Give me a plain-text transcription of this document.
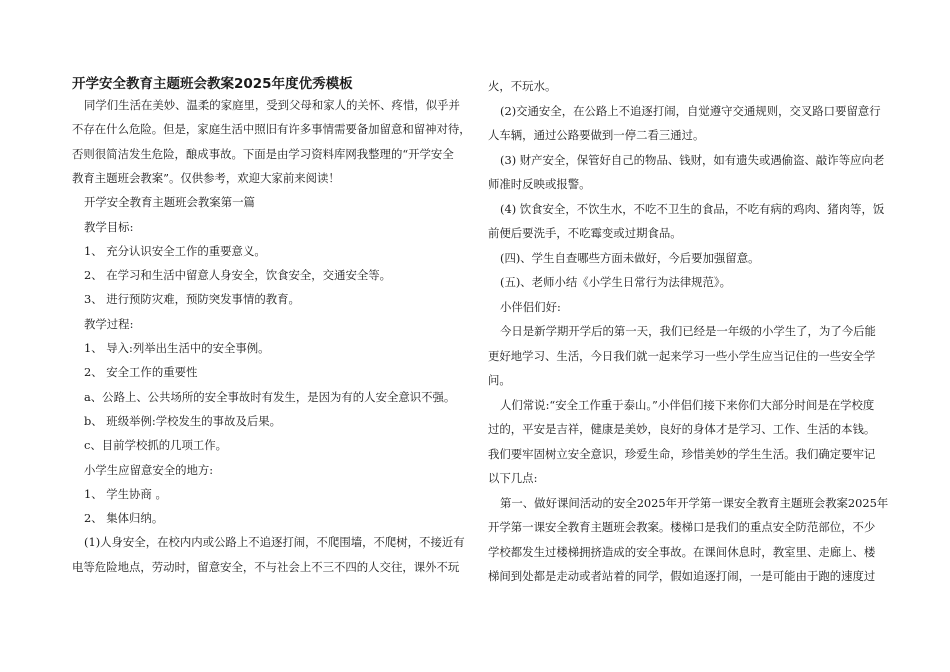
开学安全教育主题班会教案2025年度优秀模板
同学们生活在美妙、温柔的家庭里，受到父母和家人的关怀、疼惜，似乎并
不存在什么危险。但是，家庭生活中照旧有许多事情需要备加留意和留神对待，
否则很简洁发生危险，酿成事故。下面是由学习资料库网我整理的“开学安全
教育主题班会教案”。仅供参考，欢迎大家前来阅读！
开学安全教育主题班会教案第一篇
教学目标:
1、 充分认识安全工作的重要意义。
2、 在学习和生活中留意人身安全，饮食安全，交通安全等。
3、 进行预防灾难，预防突发事情的教育。
教学过程:
1、 导入:列举出生活中的安全事例。
2、 安全工作的重要性
a、公路上、公共场所的安全事故时有发生，是因为有的人安全意识不强。
b、 班级举例:学校发生的事故及后果。
c、目前学校抓的几项工作。
小学生应留意安全的地方:
1、 学生协商 。
2、 集体归纳。
(1)人身安全，在校内内或公路上不追逐打闹，不爬围墙，不爬树，不接近有
电等危险地点，劳动时，留意安全，不与社会上不三不四的人交往，课外不玩
火，不玩水。
(2)交通安全，在公路上不追逐打闹，自觉遵守交通规则，交叉路口要留意行
人车辆，通过公路要做到一停二看三通过。
(3) 财产安全，保管好自己的物品、钱财，如有遗失或遇偷盗、敲诈等应向老
师准时反映或报警。
(4) 饮食安全，不饮生水，不吃不卫生的食品，不吃有病的鸡肉、猪肉等，饭
前便后要洗手，不吃霉变或过期食品。
(四)、学生自查哪些方面未做好，今后要加强留意。
(五)、老师小结《小学生日常行为法律规范》。
小伴侣们好:
今日是新学期开学后的第一天，我们已经是一年级的小学生了，为了今后能
更好地学习、生活，今日我们就一起来学习一些小学生应当记住的一些安全学
问。
人们常说:“安全工作重于泰山。”小伴侣们接下来你们大部分时间是在学校度
过的，平安是吉祥，健康是美妙，良好的身体才是学习、工作、生活的本钱。
我们要牢固树立安全意识，珍爱生命，珍惜美妙的学生生活。我们确定要牢记
以下几点:
第一、做好课间活动的安全2025年开学第一课安全教育主题班会教案2025年
开学第一课安全教育主题班会教案。楼梯口是我们的重点安全防范部位，不少
学校都发生过楼梯拥挤造成的安全事故。在课间休息时，教室里、走廊上、楼
梯间到处都是走动或者站着的同学，假如追逐打闹，一是可能由于跑的速度过
